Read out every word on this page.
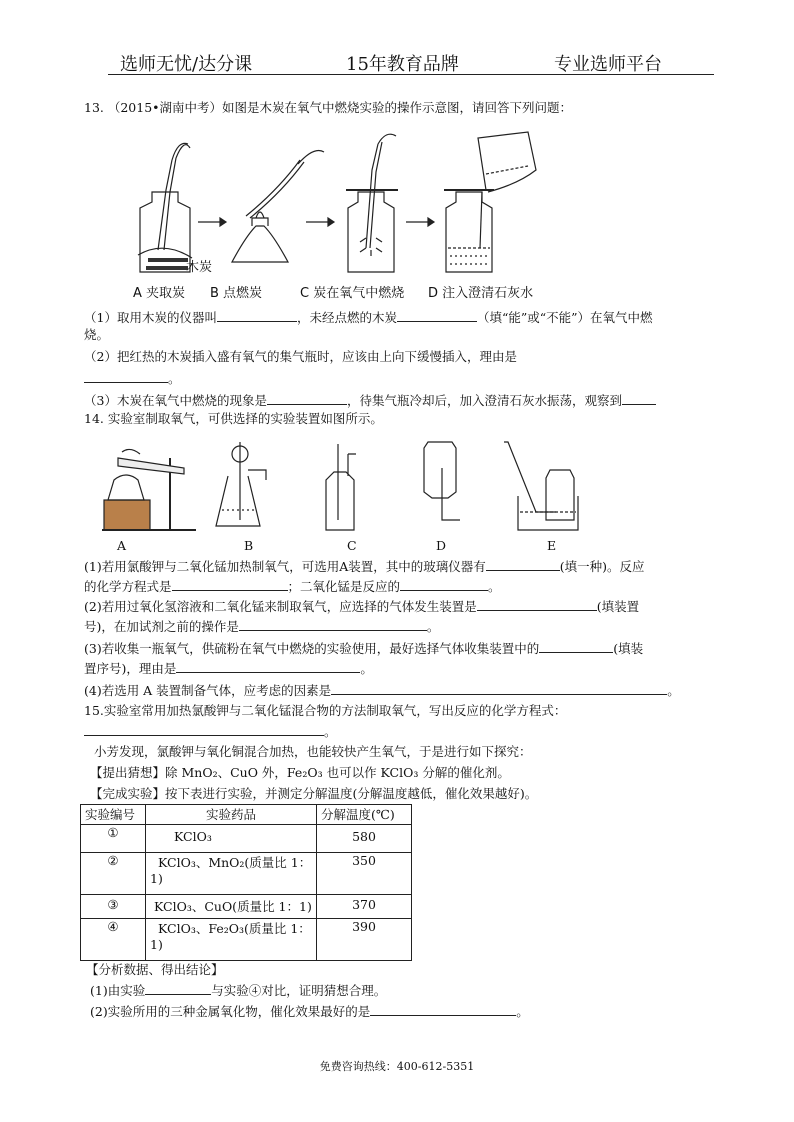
选师无忧/达分课	15年教育品牌	专业选师平台
13. （2015•湖南中考）如图是木炭在氧气中燃烧实验的操作示意图，请回答下列问题：
木炭
A 夹取炭 B 点燃炭	C 炭在氧气中燃烧 D 注入澄清石灰水
（1）取用木炭的仪器叫	，未经点燃的木炭	（填“能”或“不能”）在氧气中燃
烧。
（2）把红热的木炭插入盛有氧气的集气瓶时，应该由上向下缓慢插入，理由是
。
（3）木炭在氧气中燃烧的现象是	，待集气瓶冷却后，加入澄清石灰水振荡，观察到
14. 实验室制取氧气，可供选择的实验装置如图所示。
A	B	C	D	E
(1)若用氯酸钾与二氧化锰加热制氧气，可选用A装置，其中的玻璃仪器有	(填一种)。反应
的化学方程式是	；二氧化锰是反应的	。
(2)若用过氧化氢溶液和二氧化锰来制取氧气，应选择的气体发生装置是	(填装置
号)，在加试剂之前的操作是	。
(3)若收集一瓶氧气，供硫粉在氧气中燃烧的实验使用，最好选择气体收集装置中的	(填装
置序号)，理由是	。
(4)若选用 A 装置制备气体，应考虑的因素是	。
15.实验室常用加热氯酸钾与二氧化锰混合物的方法制取氧气，写出反应的化学方程式：
。
小芳发现，氯酸钾与氧化铜混合加热，也能较快产生氧气，于是进行如下探究：
【提出猜想】除 MnO₂、CuO 外，Fe₂O₃ 也可以作 KClO₃ 分解的催化剂。
【完成实验】按下表进行实验，并测定分解温度(分解温度越低，催化效果越好)。
实验编号	实验药品	分解温度(℃)
①	KClO₃	580
②	KClO₃、MnO₂(质量比 1：
1)	350
③	KClO₃、CuO(质量比 1：1)	370
④	KClO₃、Fe₂O₃(质量比 1：
1)	390
【分析数据、得出结论】
(1)由实验	与实验④对比，证明猜想合理。
(2)实验所用的三种金属氧化物，催化效果最好的是	。
免费咨询热线：400-612-5351
